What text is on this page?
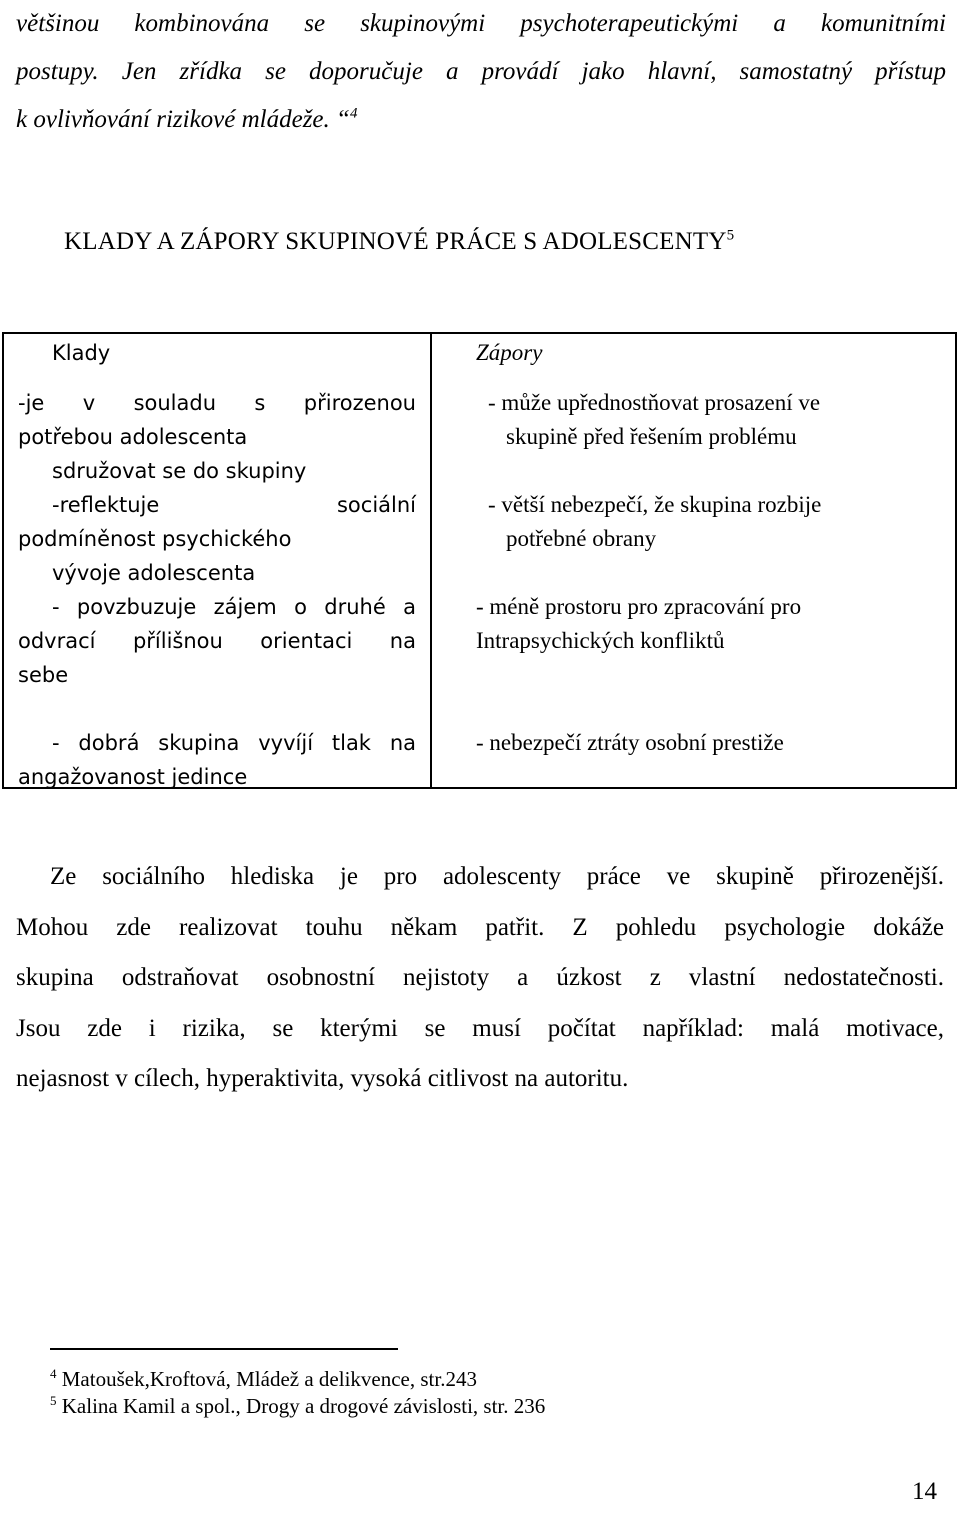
většinou kombinována se skupinovými psychoterapeutickými a komunitními
postupy. Jen zřídka se doporučuje a provádí jako hlavní, samostatný přístup
k ovlivňování rizikové mládeže. “$^4$
KLADY A ZÁPORY SKUPINOVÉ PRÁCE S ADOLESCENTY$^5$
Klady	Zápory
-je v souladu s přirozenou
potřebou adolescenta
sdružovat se do skupiny
-reflektuje sociální
podmíněnost psychického
vývoje adolescenta
- povzbuzuje zájem o druhé a
odvrací přílišnou orientaci na
sebe
- dobrá skupina vyvíjí tlak na
angažovanost jedince
- může upřednostňovat prosazení ve
skupině před řešením problému
- větší nebezpečí, že skupina rozbije
potřebné obrany
- méně prostoru pro zpracování pro
Intrapsychických konfliktů
- nebezpečí ztráty osobní prestiže
Ze sociálního hlediska je pro adolescenty práce ve skupině přirozenější.
Mohou zde realizovat touhu někam patřit. Z pohledu psychologie dokáže
skupina odstraňovat osobnostní nejistoty a úzkost z vlastní nedostatečnosti.
Jsou zde i rizika, se kterými se musí počítat například: malá motivace,
nejasnost v cílech, hyperaktivita, vysoká citlivost na autoritu.
$^4$ Matoušek,Kroftová, Mládež a delikvence, str.243
$^5$ Kalina Kamil a spol., Drogy a drogové závislosti, str. 236
14
